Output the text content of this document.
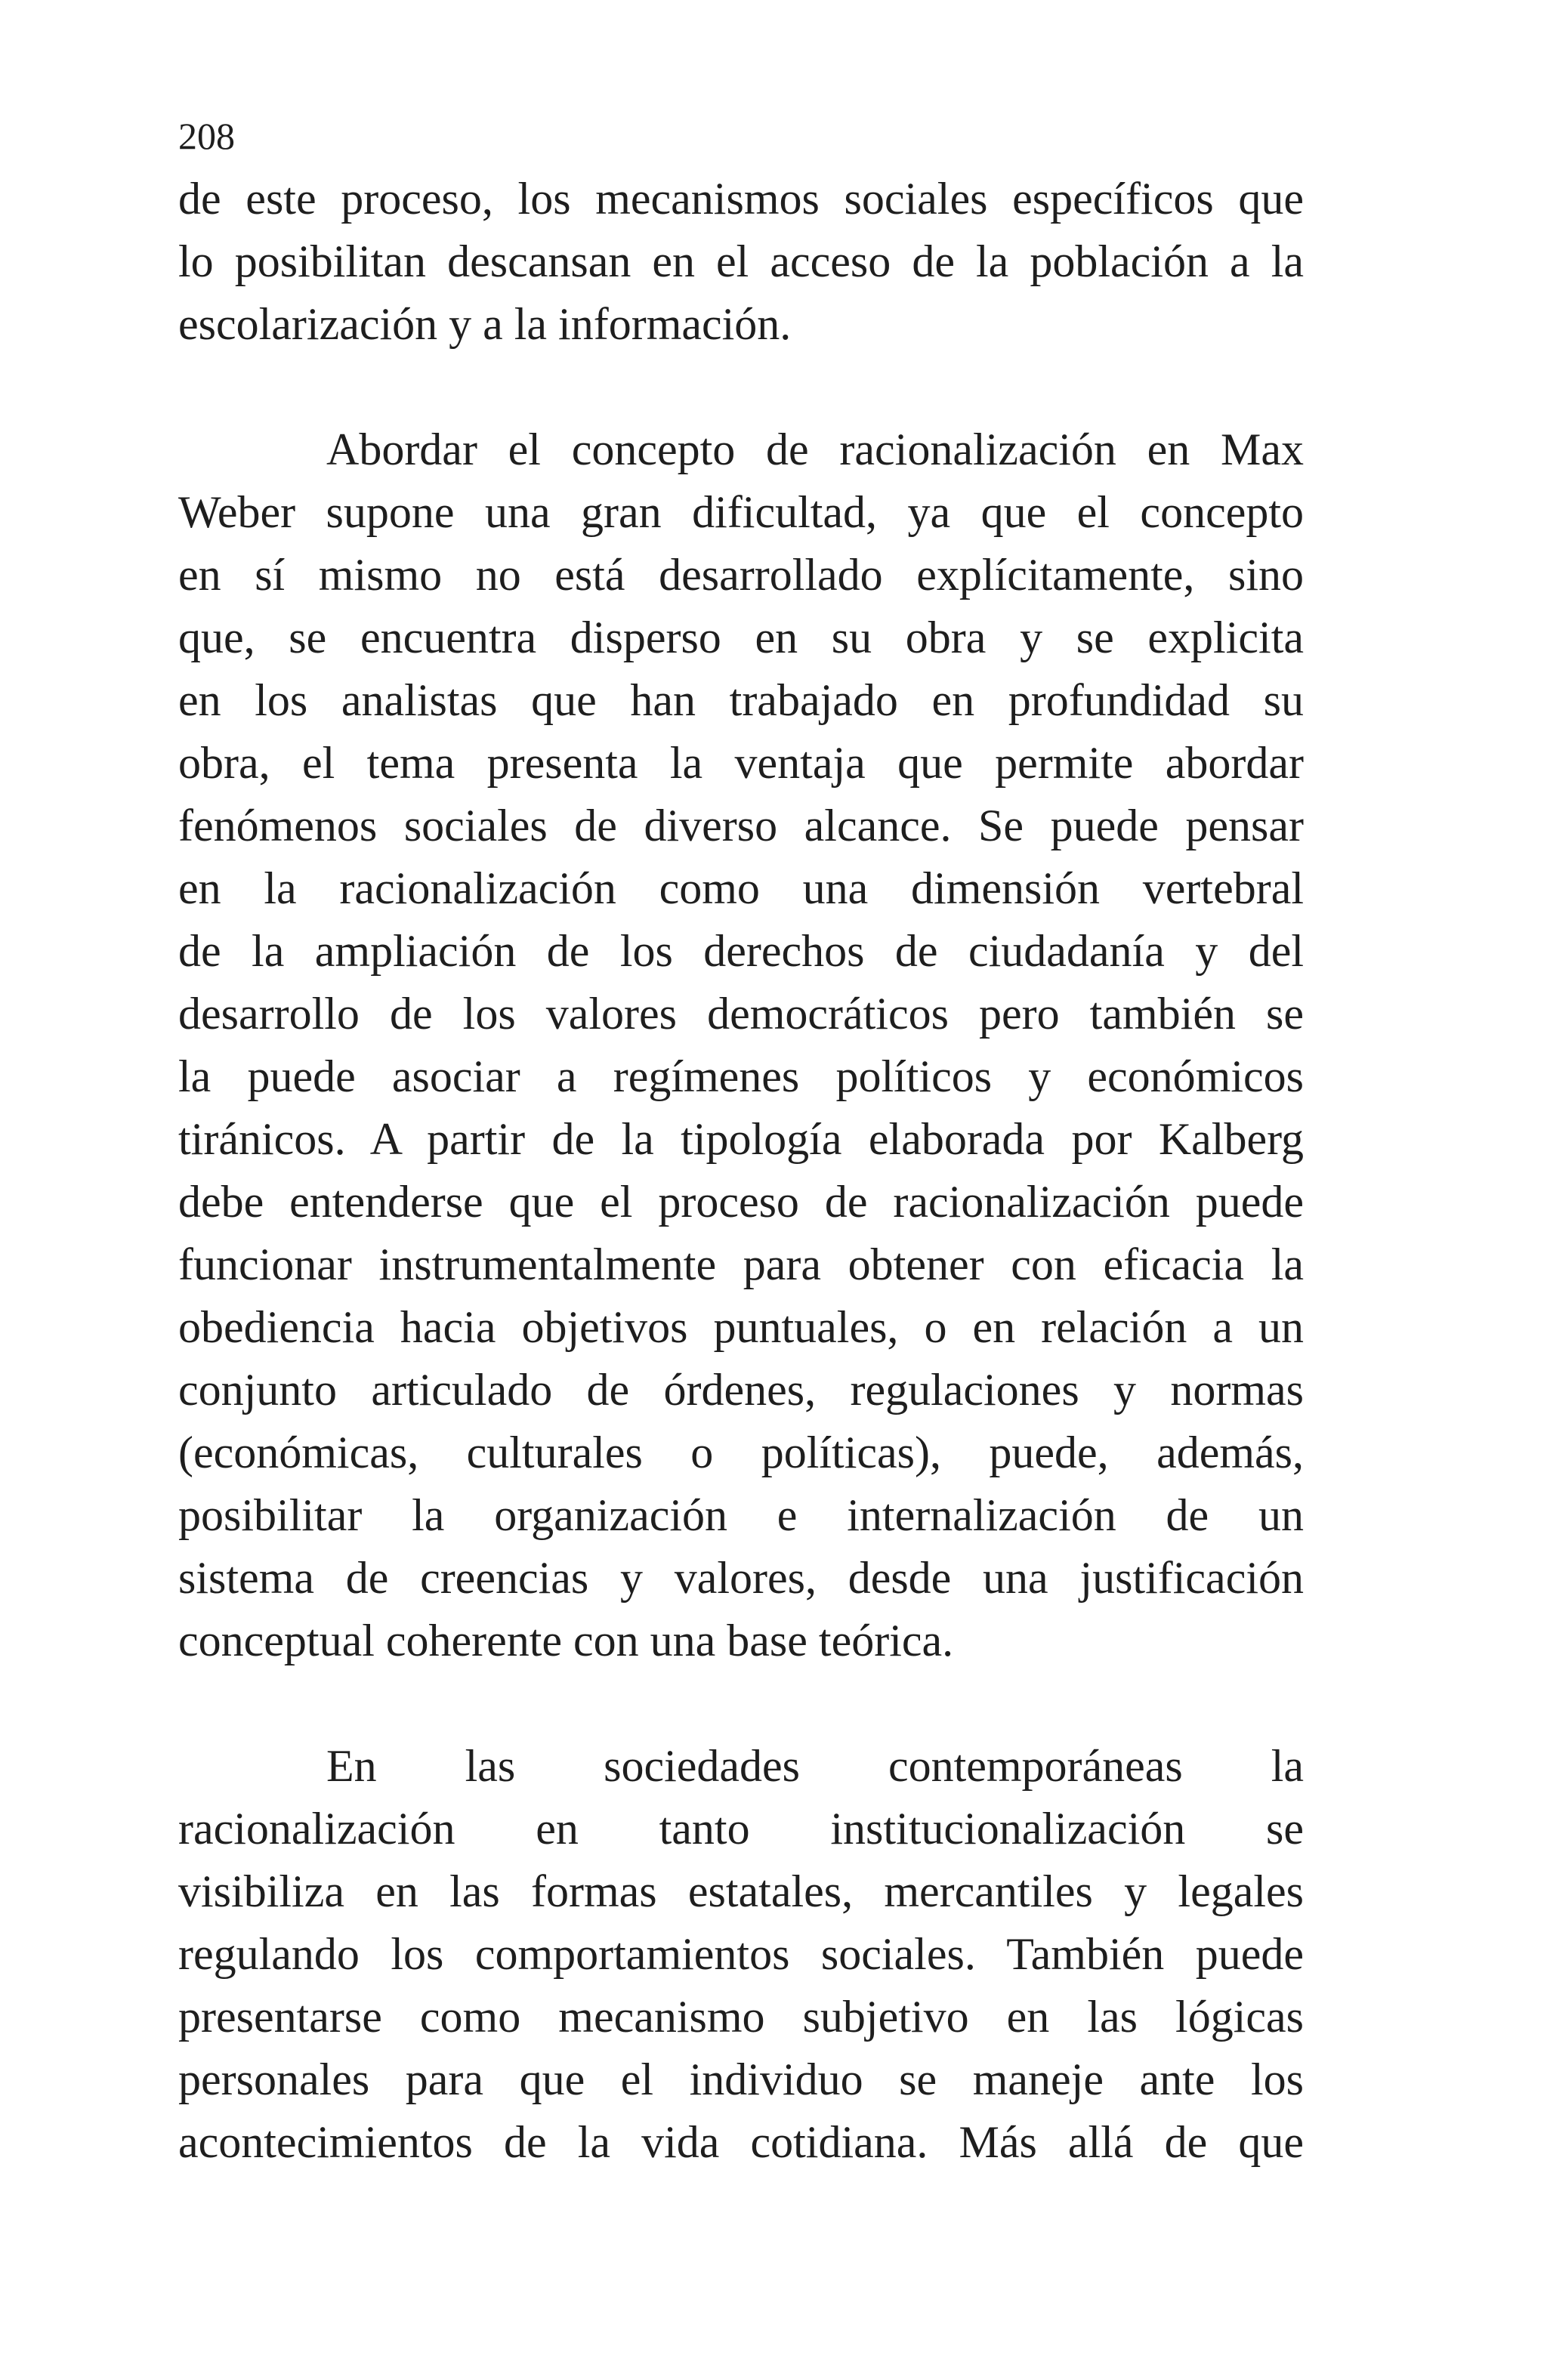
208

de este proceso, los mecanismos sociales específicos que
lo posibilitan descansan en el acceso de la población a la
escolarización y a la información.

Abordar el concepto de racionalización en Max
Weber supone una gran dificultad, ya que el concepto
en sí mismo no está desarrollado explícitamente, sino
que, se encuentra disperso en su obra y se explicita
en los analistas que han trabajado en profundidad su
obra, el tema presenta la ventaja que permite abordar
fenómenos sociales de diverso alcance. Se puede pensar
en la racionalización como una dimensión vertebral
de la ampliación de los derechos de ciudadanía y del
desarrollo de los valores democráticos pero también se
la puede asociar a regímenes políticos y económicos
tiránicos. A partir de la tipología elaborada por Kalberg
debe entenderse que el proceso de racionalización puede
funcionar instrumentalmente para obtener con eficacia la
obediencia hacia objetivos puntuales, o en relación a un
conjunto articulado de órdenes, regulaciones y normas
(económicas, culturales o políticas), puede, además,
posibilitar la organización e internalización de un
sistema de creencias y valores, desde una justificación
conceptual coherente con una base teórica.

En las sociedades contemporáneas la
racionalización en tanto institucionalización se
visibiliza en las formas estatales, mercantiles y legales
regulando los comportamientos sociales. También puede
presentarse como mecanismo subjetivo en las lógicas
personales para que el individuo se maneje ante los
acontecimientos de la vida cotidiana. Más allá de que
